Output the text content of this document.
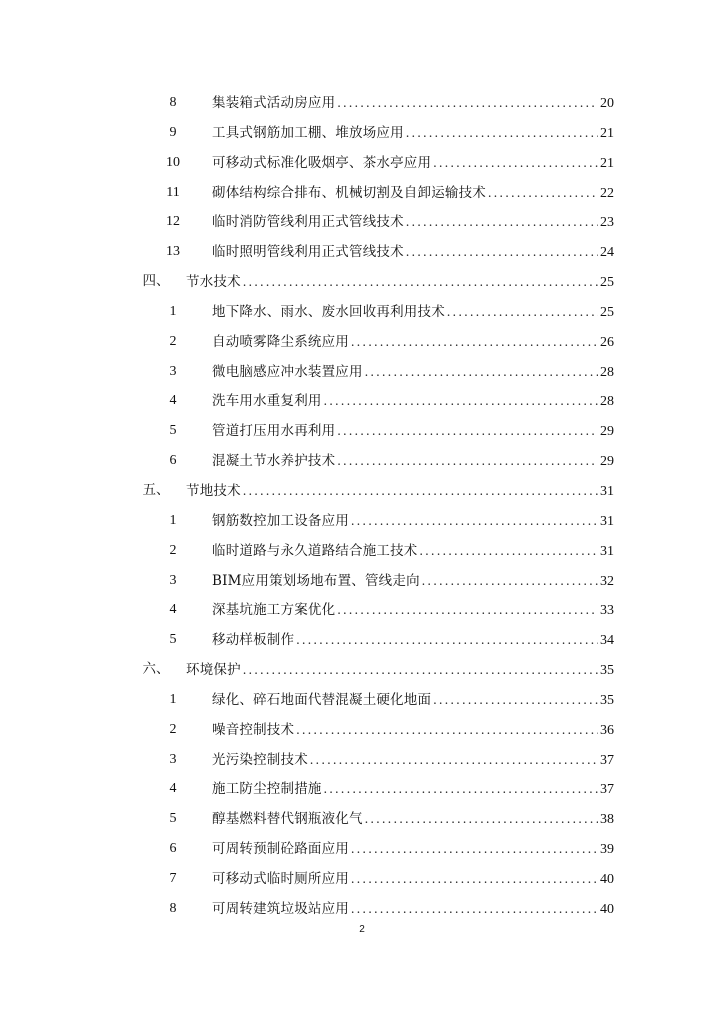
8	集装箱式活动房应用 .....	20
9	工具式钢筋加工棚、堆放场应用 .....	21
10	可移动式标准化吸烟亭、茶水亭应用 .....	21
11	砌体结构综合排布、机械切割及自卸运输技术 .....	22
12	临时消防管线利用正式管线技术 .....	23
13	临时照明管线利用正式管线技术 .....	24
四、	节水技术 .....	25
1	地下降水、雨水、废水回收再利用技术 .....	25
2	自动喷雾降尘系统应用 .....	26
3	微电脑感应冲水装置应用 .....	28
4	洗车用水重复利用 .....	28
5	管道打压用水再利用 .....	29
6	混凝土节水养护技术 .....	29
五、	节地技术 .....	31
1	钢筋数控加工设备应用 .....	31
2	临时道路与永久道路结合施工技术 .....	31
3	BIM应用策划场地布置、管线走向 .....	32
4	深基坑施工方案优化 .....	33
5	移动样板制作 .....	34
六、	环境保护 .....	35
1	绿化、碎石地面代替混凝土硬化地面 .....	35
2	噪音控制技术 .....	36
3	光污染控制技术 .....	37
4	施工防尘控制措施 .....	37
5	醇基燃料替代钢瓶液化气 .....	38
6	可周转预制砼路面应用 .....	39
7	可移动式临时厕所应用 .....	40
8	可周转建筑垃圾站应用 .....	40
2
